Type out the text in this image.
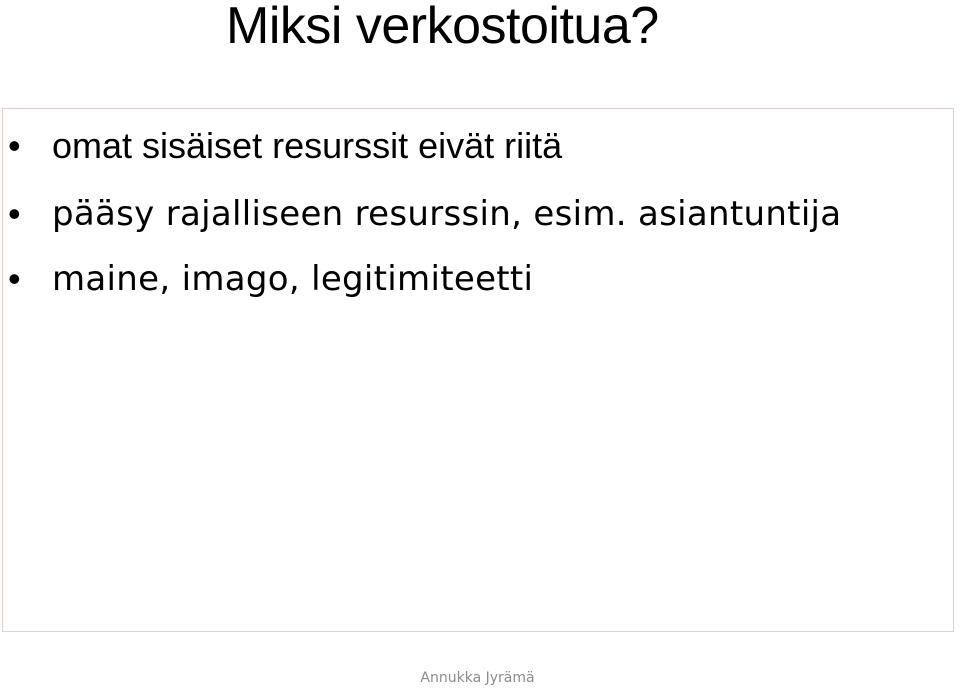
Miksi verkostoitua?
• omat sisäiset resurssit eivät riitä
• pääsy rajalliseen resurssin, esim. asiantuntija
• maine, imago, legitimiteetti
Annukka Jyrämä
